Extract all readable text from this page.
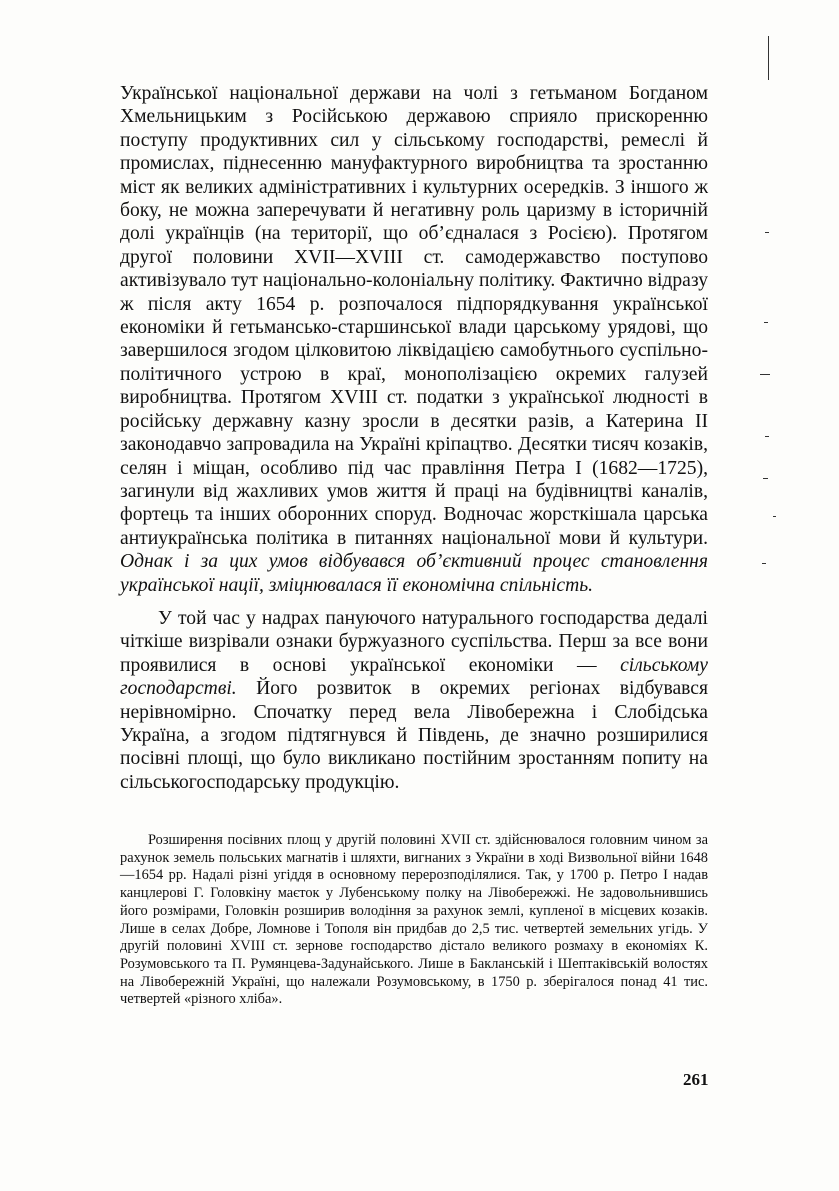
Української національної держави на чолі з гетьманом Богданом Хмельницьким з Російською державою сприяло прискоренню поступу продуктивних сил у сільському господарстві, ремеслі й промислах, піднесенню мануфактурного виробництва та зростанню міст як великих адміністративних і культурних осередків. З іншого ж боку, не можна заперечувати й негативну роль царизму в історичній долі українців (на території, що об’єдналася з Росією). Протягом другої половини XVII—XVIII ст. самодержавство поступово активізувало тут національно-колоніальну політику. Фактично відразу ж після акту 1654 р. розпочалося підпорядкування української економіки й гетьмансько-старшинської влади царському урядові, що завершилося згодом цілковитою ліквідацією самобутнього суспільно-політичного устрою в краї, монополізацією окремих галузей виробництва. Протягом XVIII ст. податки з української людності в російську державну казну зросли в десятки разів, а Катерина II законодавчо запровадила на Україні кріпацтво. Десятки тисяч козаків, селян і міщан, особливо під час правління Петра I (1682—1725), загинули від жахливих умов життя й праці на будівництві каналів, фортець та інших оборонних споруд. Водночас жорсткішала царська антиукраїнська політика в питаннях національної мови й культури. Однак і за цих умов відбувався об’єктивний процес становлення української нації, зміцнювалася її економічна спільність.

У той час у надрах пануючого натурального господарства дедалі чіткіше визрівали ознаки буржуазного суспільства. Перш за все вони проявилися в основі української економіки — сільському господарстві. Його розвиток в окремих регіонах відбувався нерівномірно. Спочатку перед вела Лівобережна і Слобідська Україна, а згодом підтягнувся й Південь, де значно розширилися посівні площі, що було викликано постійним зростанням попиту на сільськогосподарську продукцію.

Розширення посівних площ у другій половині XVII ст. здійснювалося головним чином за рахунок земель польських магнатів і шляхти, вигнаних з України в ході Визвольної війни 1648—1654 рр. Надалі різні угіддя в основному перерозподілялися. Так, у 1700 р. Петро I надав канцлерові Г. Головкіну маєток у Лубенському полку на Лівобережжі. Не задовольнившись його розмірами, Головкін розширив володіння за рахунок землі, купленої в місцевих козаків. Лише в селах Добре, Ломнове і Тополя він придбав до 2,5 тис. четвертей земельних угідь. У другій половині XVIII ст. зернове господарство дістало великого розмаху в економіях К. Розумовського та П. Румянцева-Задунайського. Лише в Бакланській і Шептаківській волостях на Лівобережній Україні, що належали Розумовському, в 1750 р. зберігалося понад 41 тис. четвертей «різного хліба».

261
